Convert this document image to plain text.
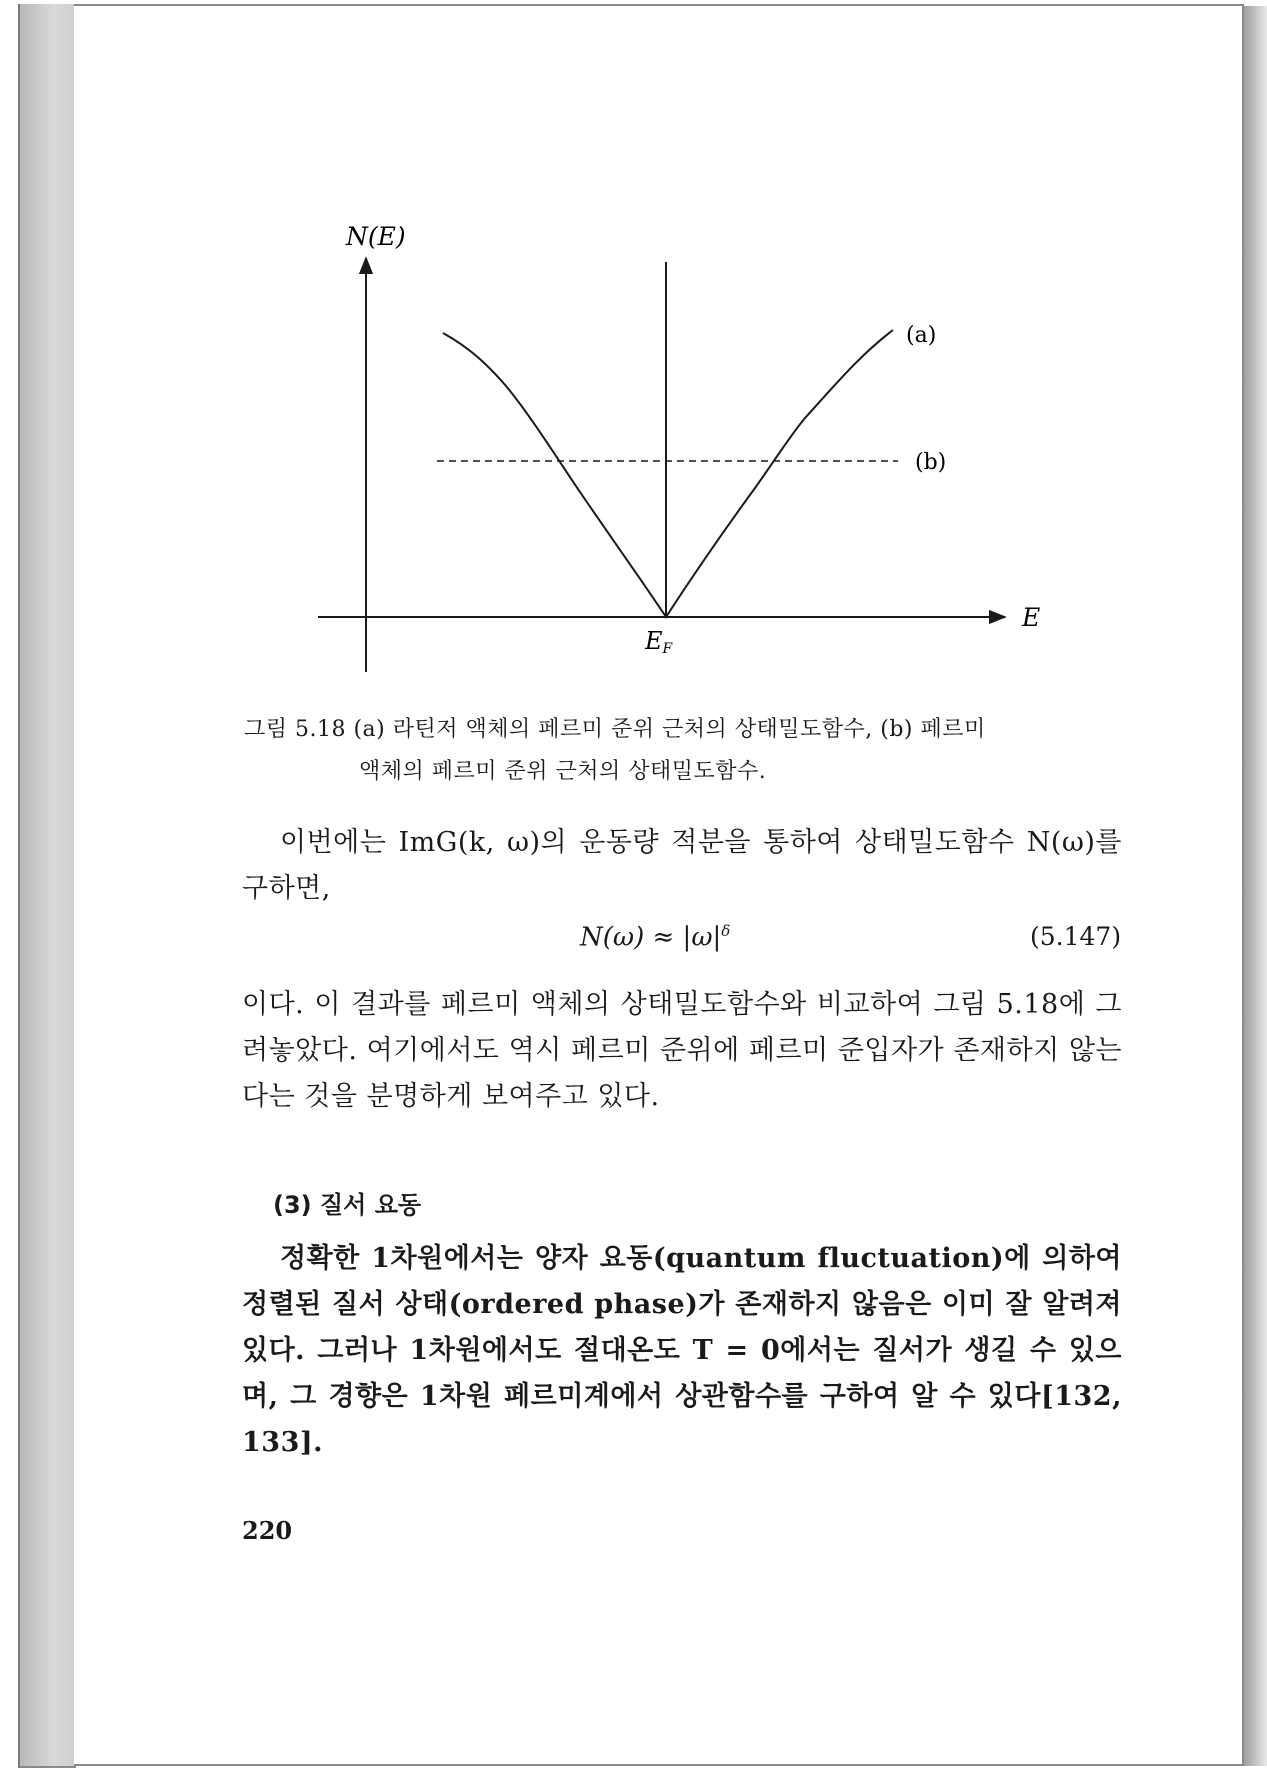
N(E)
E
(a)
(b)
EF
그림 5.18 (a) 라틴저 액체의 페르미 준위 근처의 상태밀도함수, (b) 페르미
액체의 페르미 준위 근처의 상태밀도함수.
이번에는 ImG(k, ω)의 운동량 적분을 통하여 상태밀도함수 N(ω)를 구하면,
$N(\omega) \approx |\omega|^\delta$	(5.147)
이다. 이 결과를 페르미 액체의 상태밀도함수와 비교하여 그림 5.18에 그려놓았다. 여기에서도 역시 페르미 준위에 페르미 준입자가 존재하지 않는다는 것을 분명하게 보여주고 있다.
(3) 질서 요동
정확한 1차원에서는 양자 요동(quantum fluctuation)에 의하여 정렬된 질서 상태(ordered phase)가 존재하지 않음은 이미 잘 알려져 있다. 그러나 1차원에서도 절대온도 T = 0에서는 질서가 생길 수 있으며, 그 경향은 1차원 페르미계에서 상관함수를 구하여 알 수 있다[132, 133].
220
